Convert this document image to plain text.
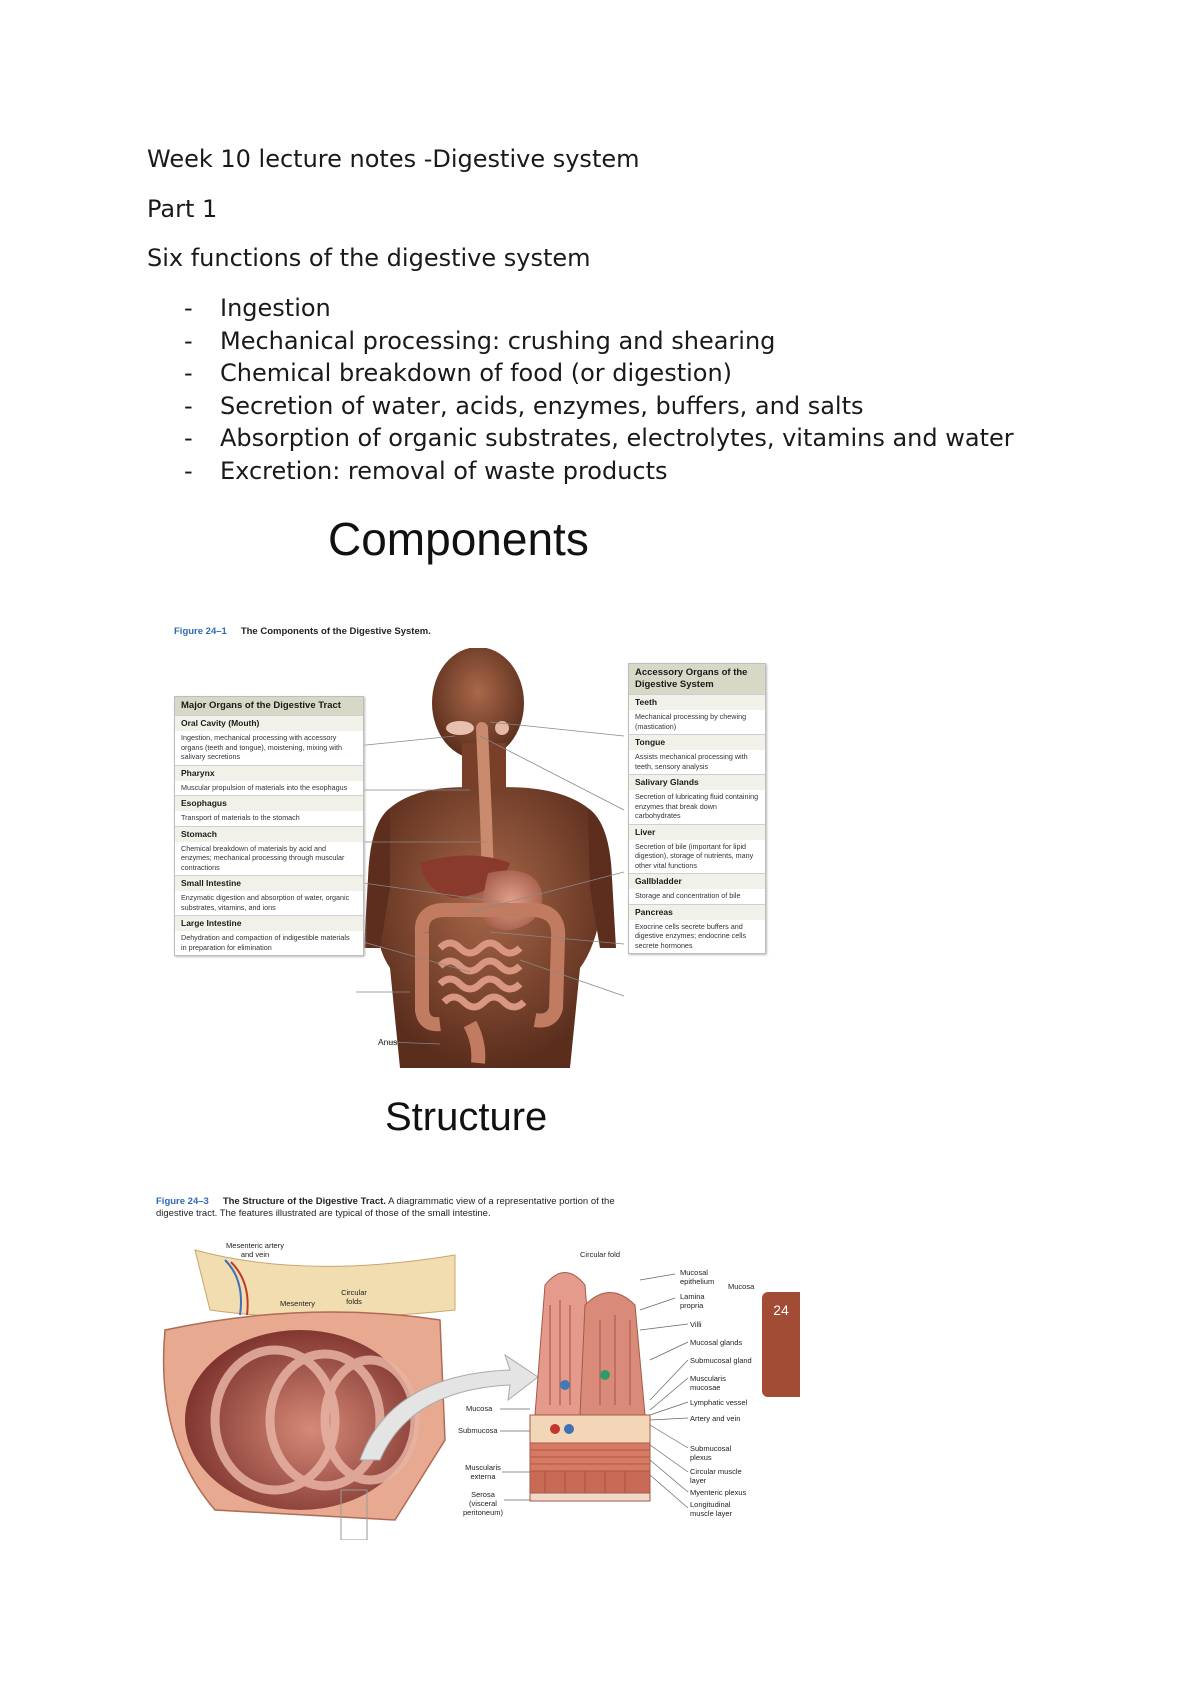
Week 10 lecture notes -Digestive system
Part 1
Six functions of the digestive system
- Ingestion
- Mechanical processing: crushing and shearing
- Chemical breakdown of food (or digestion)
- Secretion of water, acids, enzymes, buffers, and salts
- Absorption of organic substrates, electrolytes, vitamins and water
- Excretion: removal of waste products
Components
Figure 24–1 The Components of the Digestive System.
Anus
Major Organs of the Digestive Tract
Oral Cavity (Mouth)
Ingestion, mechanical processing with accessory organs (teeth and tongue), moistening, mixing with salivary secretions
Pharynx
Muscular propulsion of materials into the esophagus
Esophagus
Transport of materials to the stomach
Stomach
Chemical breakdown of materials by acid and enzymes; mechanical processing through muscular contractions
Small Intestine
Enzymatic digestion and absorption of water, organic substrates, vitamins, and ions
Large Intestine
Dehydration and compaction of indigestible materials in preparation for elimination
Accessory Organs of the Digestive System
Teeth
Mechanical processing by chewing (mastication)
Tongue
Assists mechanical processing with teeth, sensory analysis
Salivary Glands
Secretion of lubricating fluid containing enzymes that break down carbohydrates
Liver
Secretion of bile (important for lipid digestion), storage of nutrients, many other vital functions
Gallbladder
Storage and concentration of bile
Pancreas
Exocrine cells secrete buffers and digestive enzymes; endocrine cells secrete hormones
Structure
Figure 24–3 The Structure of the Digestive Tract. A diagrammatic view of a representative portion of the digestive tract. The features illustrated are typical of those of the small intestine.
Mesenteric artery and vein
Mesentery
Circular folds
Circular fold
Mucosa
Submucosa
Muscularis externa
Serosa (visceral peritoneum)
Mucosal epithelium
Mucosa
Lamina propria
Villi
Mucosal glands
Submucosal gland
Muscularis mucosae
Lymphatic vessel
Artery and vein
Submucosal plexus
Circular muscle layer
Myenteric plexus
Longitudinal muscle layer
24
